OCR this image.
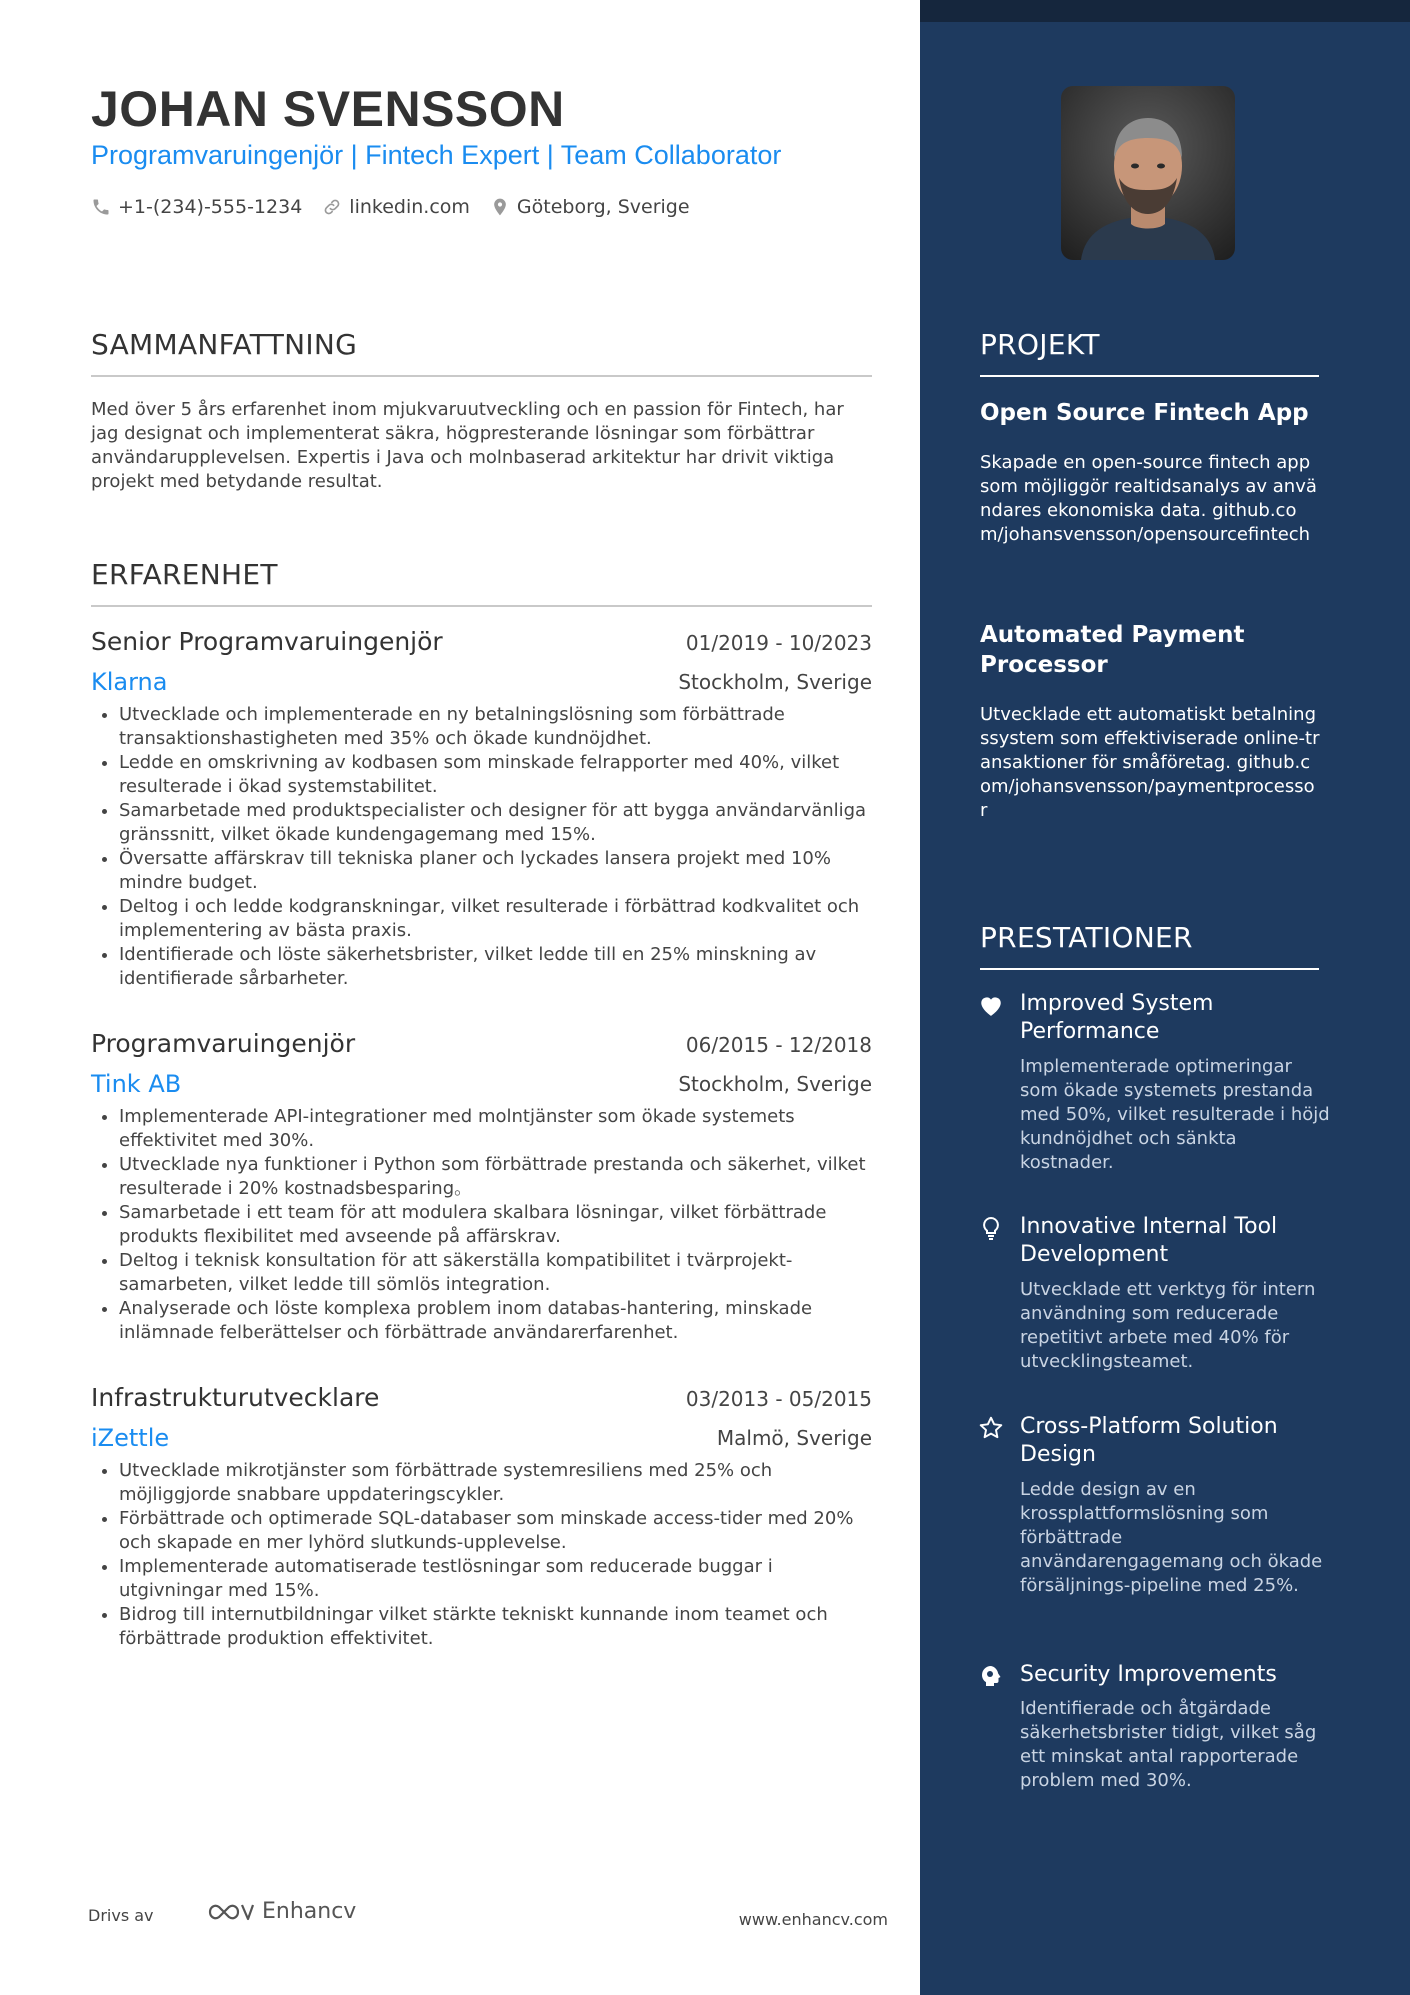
JOHAN SVENSSON
Programvaruingenjör | Fintech Expert | Team Collaborator
+1-(234)-555-1234 linkedin.com Göteborg, Sverige
SAMMANFATTNING
Med över 5 års erfarenhet inom mjukvaruutveckling och en passion för Fintech, har jag designat och implementerat säkra, högpresterande lösningar som förbättrar användarupplevelsen. Expertis i Java och molnbaserad arkitektur har drivit viktiga projekt med betydande resultat.
ERFARENHET
Senior Programvaruingenjör	01/2019 - 10/2023
Klarna	Stockholm, Sverige
• Utvecklade och implementerade en ny betalningslösning som förbättrade transaktionshastigheten med 35% och ökade kundnöjdhet.
• Ledde en omskrivning av kodbasen som minskade felrapporter med 40%, vilket resulterade i ökad systemstabilitet.
• Samarbetade med produktspecialister och designer för att bygga användarvänliga gränssnitt, vilket ökade kundengagemang med 15%.
• Översatte affärskrav till tekniska planer och lyckades lansera projekt med 10% mindre budget.
• Deltog i och ledde kodgranskningar, vilket resulterade i förbättrad kodkvalitet och implementering av bästa praxis.
• Identifierade och löste säkerhetsbrister, vilket ledde till en 25% minskning av identifierade sårbarheter.
Programvaruingenjör	06/2015 - 12/2018
Tink AB	Stockholm, Sverige
• Implementerade API-integrationer med molntjänster som ökade systemets effektivitet med 30%.
• Utvecklade nya funktioner i Python som förbättrade prestanda och säkerhet, vilket resulterade i 20% kostnadsbesparing。
• Samarbetade i ett team för att modulera skalbara lösningar, vilket förbättrade produkts flexibilitet med avseende på affärskrav.
• Deltog i teknisk konsultation för att säkerställa kompatibilitet i tvärprojekt-samarbeten, vilket ledde till sömlös integration.
• Analyserade och löste komplexa problem inom databas-hantering, minskade inlämnade felberättelser och förbättrade användarerfarenhet.
Infrastrukturutvecklare	03/2013 - 05/2015
iZettle	Malmö, Sverige
• Utvecklade mikrotjänster som förbättrade systemresiliens med 25% och möjliggjorde snabbare uppdateringscykler.
• Förbättrade och optimerade SQL-databaser som minskade access-tider med 20% och skapade en mer lyhörd slutkunds-upplevelse.
• Implementerade automatiserade testlösningar som reducerade buggar i utgivningar med 15%.
• Bidrog till internutbildningar vilket stärkte tekniskt kunnande inom teamet och förbättrade produktion effektivitet.
Drivs av	Enhancv	www.enhancv.com
PROJEKT
Open Source Fintech App
Skapade en open-source fintech app som möjliggör realtidsanalys av användares ekonomiska data. github.com/johansvensson/opensourcefintech
Automated Payment Processor
Utvecklade ett automatiskt betalningssystem som effektiviserade online-transaktioner för småföretag. github.com/johansvensson/paymentprocessor
PRESTATIONER
Improved System Performance
Implementerade optimeringar som ökade systemets prestanda med 50%, vilket resulterade i höjd kundnöjdhet och sänkta kostnader.
Innovative Internal Tool Development
Utvecklade ett verktyg för intern användning som reducerade repetitivt arbete med 40% för utvecklingsteamet.
Cross-Platform Solution Design
Ledde design av en krossplattformslösning som förbättrade användarengagemang och ökade försäljnings-pipeline med 25%.
Security Improvements
Identifierade och åtgärdade säkerhetsbrister tidigt, vilket såg ett minskat antal rapporterade problem med 30%.
